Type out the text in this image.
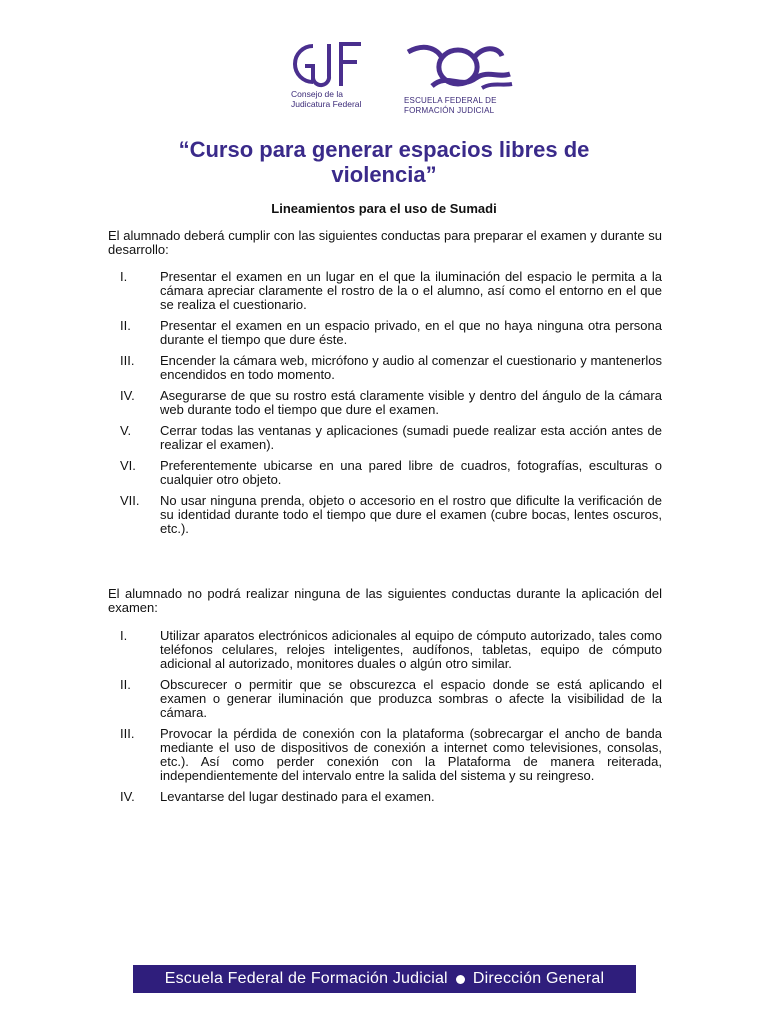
Consejo de la
Judicatura Federal	ESCUELA FEDERAL DE
FORMACIÓN JUDICIAL
“Curso para generar espacios libres de violencia”
Lineamientos para el uso de Sumadi
El alumnado deberá cumplir con las siguientes conductas para preparar el examen y durante su desarrollo:
I.	Presentar el examen en un lugar en el que la iluminación del espacio le permita a la cámara apreciar claramente el rostro de la o el alumno, así como el entorno en el que se realiza el cuestionario.
II.	Presentar el examen en un espacio privado, en el que no haya ninguna otra persona durante el tiempo que dure éste.
III.	Encender la cámara web, micrófono y audio al comenzar el cuestionario y mantenerlos encendidos en todo momento.
IV.	Asegurarse de que su rostro está claramente visible y dentro del ángulo de la cámara web durante todo el tiempo que dure el examen.
V.	Cerrar todas las ventanas y aplicaciones (sumadi puede realizar esta acción antes de realizar el examen).
VI.	Preferentemente ubicarse en una pared libre de cuadros, fotografías, esculturas o cualquier otro objeto.
VII.	No usar ninguna prenda, objeto o accesorio en el rostro que dificulte la verificación de su identidad durante todo el tiempo que dure el examen (cubre bocas, lentes oscuros, etc.).
El alumnado no podrá realizar ninguna de las siguientes conductas durante la aplicación del examen:
I.	Utilizar aparatos electrónicos adicionales al equipo de cómputo autorizado, tales como teléfonos celulares, relojes inteligentes, audífonos, tabletas, equipo de cómputo adicional al autorizado, monitores duales o algún otro similar.
II.	Obscurecer o permitir que se obscurezca el espacio donde se está aplicando el examen o generar iluminación que produzca sombras o afecte la visibilidad de la cámara.
III.	Provocar la pérdida de conexión con la plataforma (sobrecargar el ancho de banda mediante el uso de dispositivos de conexión a internet como televisiones, consolas, etc.). Así como perder conexión con la Plataforma de manera reiterada, independientemente del intervalo entre la salida del sistema y su reingreso.
IV.	Levantarse del lugar destinado para el examen.
Escuela Federal de Formación Judicial Dirección General
